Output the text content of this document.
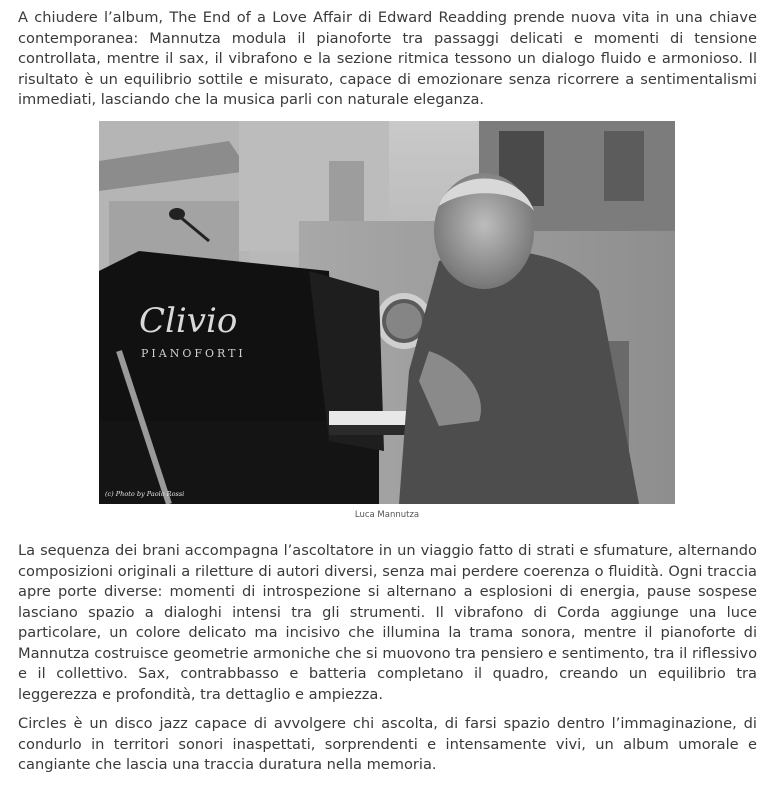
A chiudere l’album, The End of a Love Affair di Edward Readding prende nuova vita in una chiave contemporanea: Mannutza modula il pianoforte tra passaggi delicati e momenti di tensione controllata, mentre il sax, il vibrafono e la sezione ritmica tessono un dialogo fluido e armonioso. Il risultato è un equilibrio sottile e misurato, capace di emozionare senza ricorrere a sentimentalismi immediati, lasciando che la musica parli con naturale eleganza.

Clivio
PIANOFORTI
(c) Photo by Paolo Rossi
Luca Mannutza

La sequenza dei brani accompagna l’ascoltatore in un viaggio fatto di strati e sfumature, alternando composizioni originali a riletture di autori diversi, senza mai perdere coerenza o fluidità. Ogni traccia apre porte diverse: momenti di introspezione si alternano a esplosioni di energia, pause sospese lasciano spazio a dialoghi intensi tra gli strumenti. Il vibrafono di Corda aggiunge una luce particolare, un colore delicato ma incisivo che illumina la trama sonora, mentre il pianoforte di Mannutza costruisce geometrie armoniche che si muovono tra pensiero e sentimento, tra il riflessivo e il collettivo. Sax, contrabbasso e batteria completano il quadro, creando un equilibrio tra leggerezza e profondità, tra dettaglio e ampiezza.

Circles è un disco jazz capace di avvolgere chi ascolta, di farsi spazio dentro l’immaginazione, di condurlo in territori sonori inaspettati, sorprendenti e intensamente vivi, un album umorale e cangiante che lascia una traccia duratura nella memoria.
